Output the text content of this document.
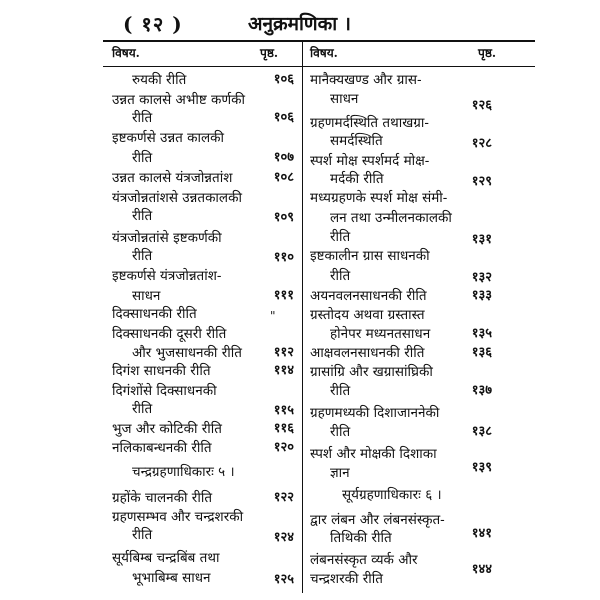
( १२ )	अनुक्रमणिका ।
विषय.	पृष्ठ.	विषय.	पृष्ठ.
रुयकी रीति	१०६
उन्नत कालसे अभीष्ट कर्णकी
रीति	१०६
इष्टकर्णसे उन्नत कालकी
रीति	१०७
उन्नत कालसे यंत्रजोन्नतांश	१०८
यंत्रजोन्नतांशसे उन्नतकालकी
रीति	१०९
यंत्रजोन्नतांसे इष्टकर्णकी
रीति	११०
इष्टकर्णसे यंत्रजोन्नतांश-
साधन	१११
दिक्साधनकी रीति	"
दिक्साधनकी दूसरी रीति
और भुजसाधनकी रीति	११२
दिगंश साधनकी रीति	११४
दिगंशोंसे दिक्साधनकी
रीति	११५
भुज और कोटिकी रीति	११६
नलिकाबन्धनकी रीति	१२०
चन्द्रग्रहणाधिकारः ५ ।
ग्रहोंके चालनकी रीति	१२२
ग्रहणसम्भव और चन्द्रशरकी
रीति	१२४
सूर्यबिम्ब चन्द्रबिंब तथा
भूभाबिम्ब साधन	१२५
मानैक्यखण्ड और ग्रास-
साधन	१२६
ग्रहणमर्दस्थिति तथाखग्रा-
समर्दस्थिति	१२८
स्पर्श मोक्ष स्पर्शमर्द मोक्ष-
मर्दकी रीति	१२९
मध्यग्रहणके स्पर्श मोक्ष संमी-
लन तथा उन्मीलनकालकी
रीति	१३१
इष्टकालीन ग्रास साधनकी
रीति	१३२
अयनवलनसाधनकी रीति	१३३
ग्रस्तोदय अथवा ग्रस्तास्त
होनेपर मध्यनतसाधन	१३५
आक्षवलनसाधनकी रीति	१३६
ग्रासांग्रि और खग्रासांघ्रिकी
रीति	१३७
ग्रहणमध्यकी दिशाजाननेकी
रीति	१३८
स्पर्श और मोक्षकी दिशाका
ज्ञान	१३९
सूर्यग्रहणाधिकारः ६ ।
द्वार लंबन और लंबनसंस्कृत-
तिथिकी रीति	१४१
लंबनसंस्कृत व्यर्क और
चन्द्रशरकी रीति
१४४
